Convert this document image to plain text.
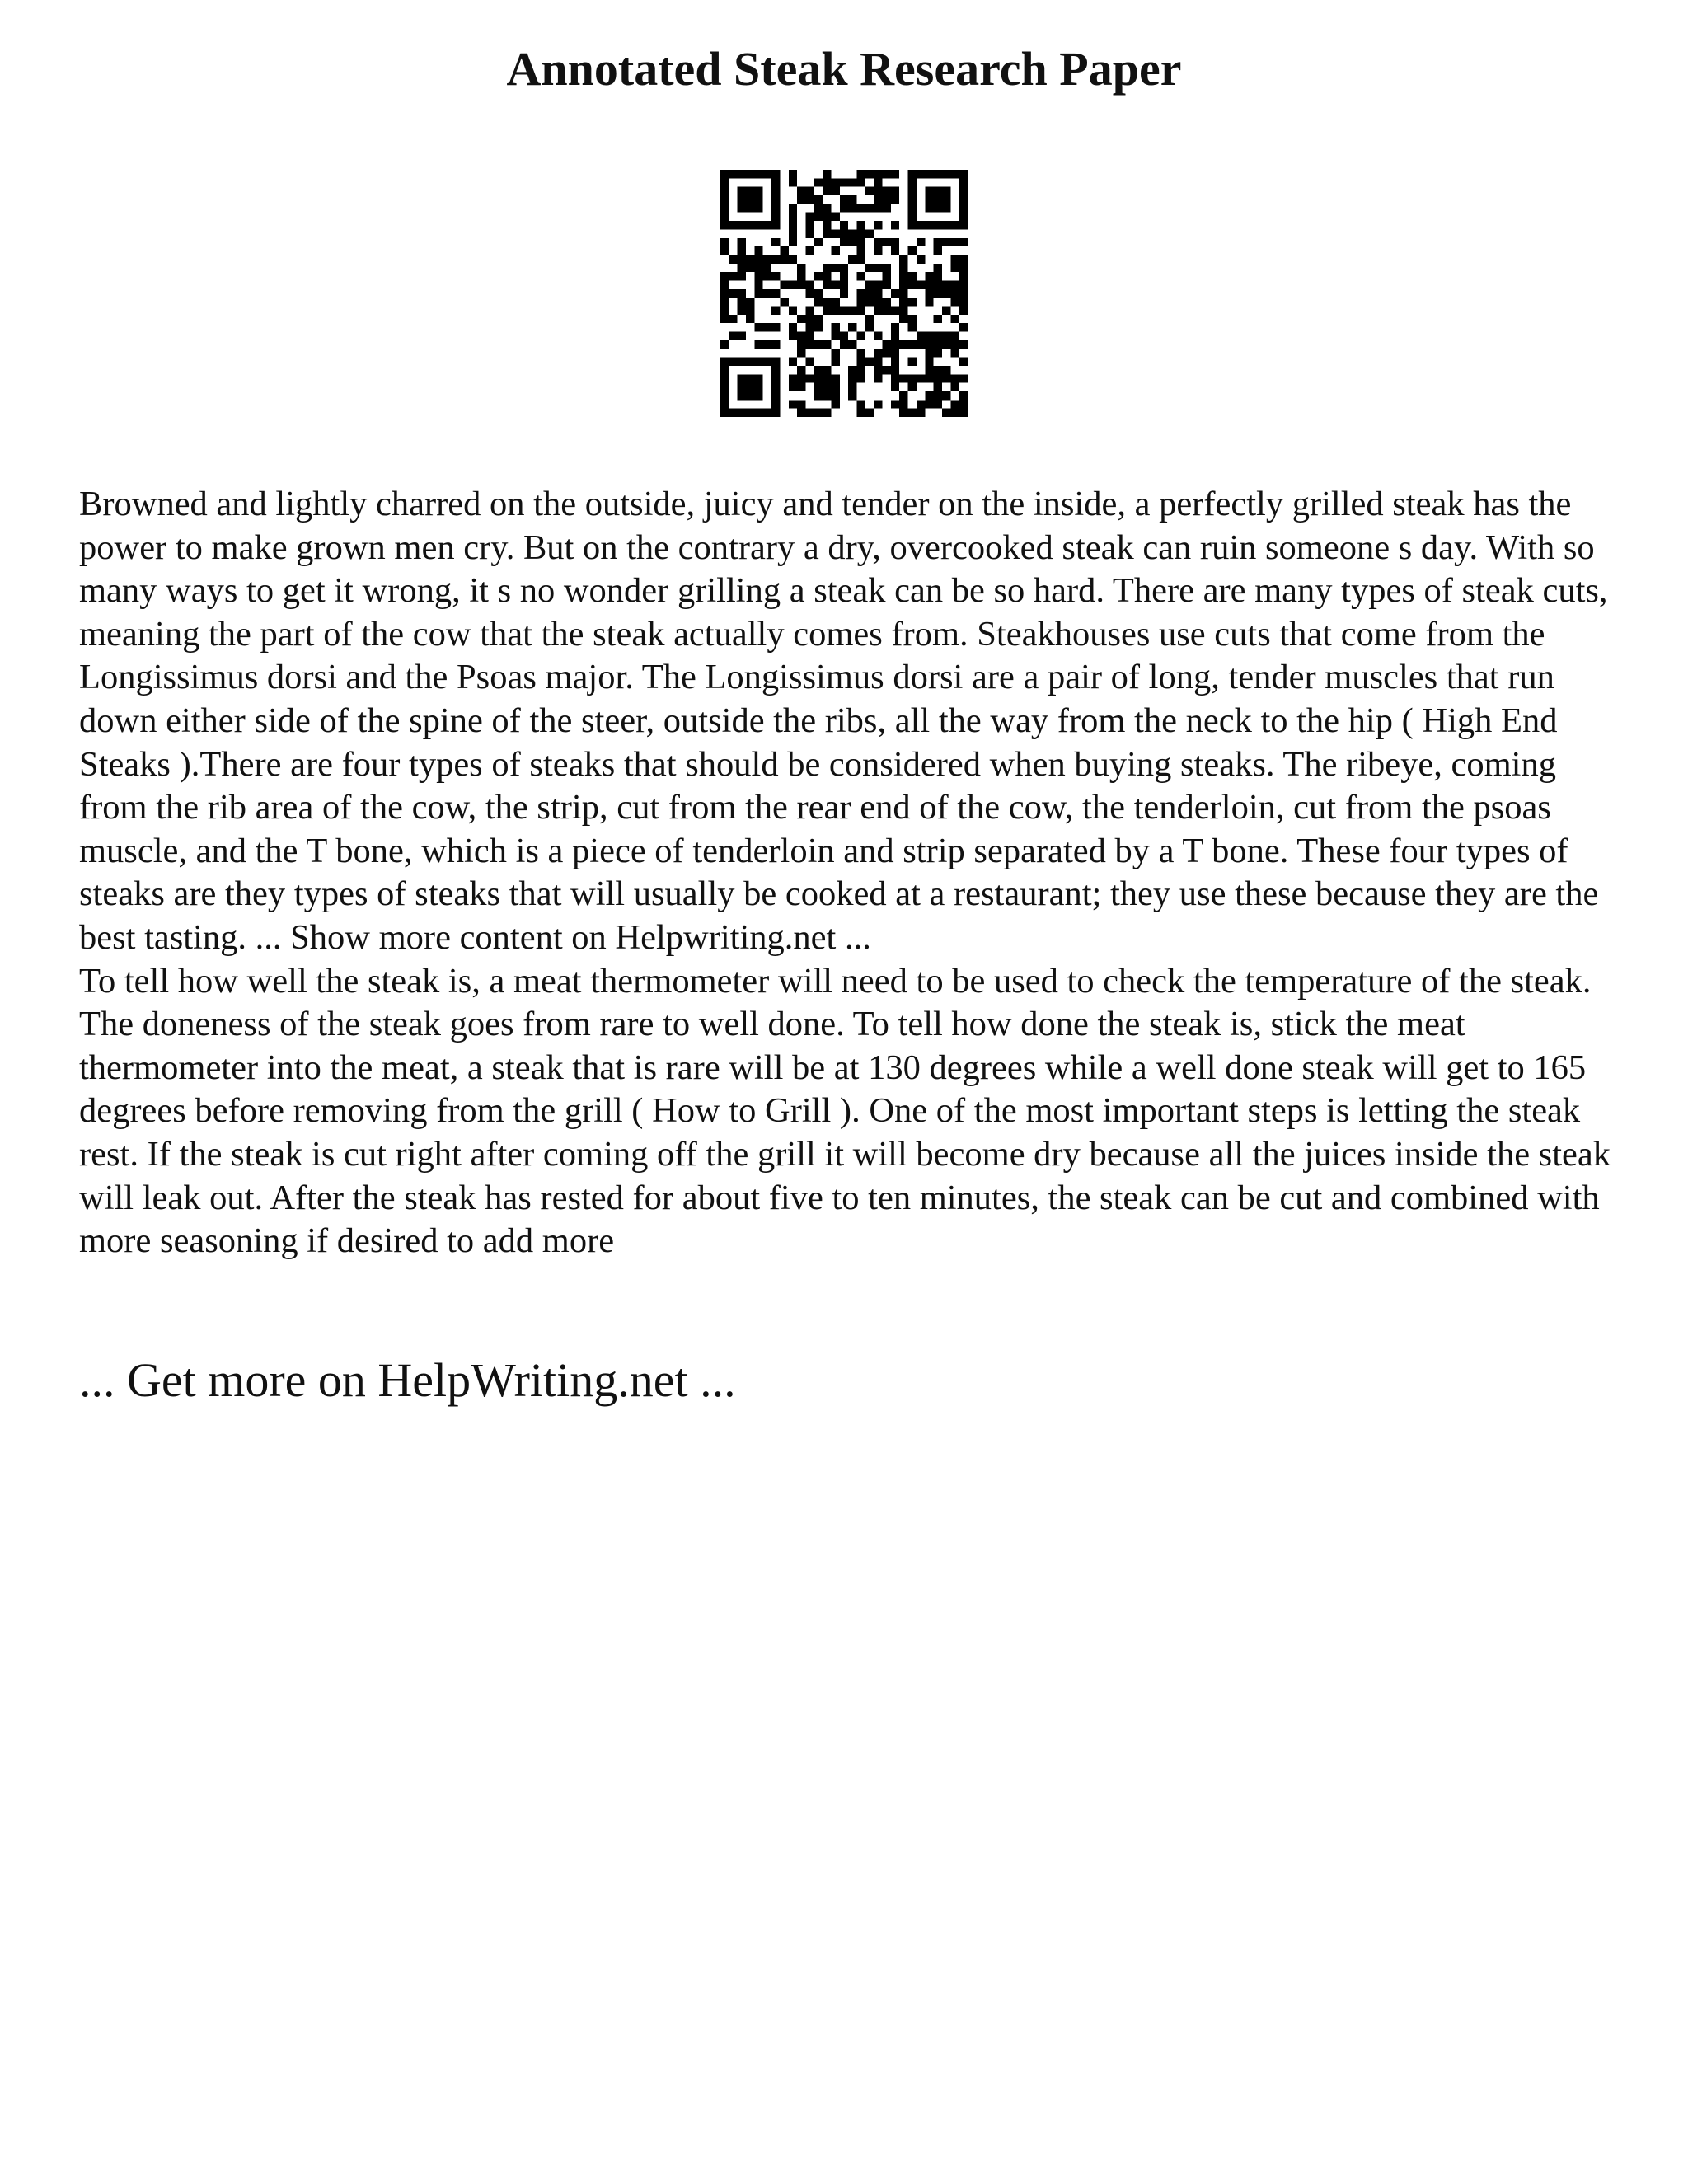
Annotated Steak Research Paper

Browned and lightly charred on the outside, juicy and tender on the inside, a perfectly grilled steak has the power to make grown men cry. But on the contrary a dry, overcooked steak can ruin someone s day. With so many ways to get it wrong, it s no wonder grilling a steak can be so hard. There are many types of steak cuts, meaning the part of the cow that the steak actually comes from. Steakhouses use cuts that come from the Longissimus dorsi and the Psoas major. The Longissimus dorsi are a pair of long, tender muscles that run down either side of the spine of the steer, outside the ribs, all the way from the neck to the hip ( High End Steaks ).There are four types of steaks that should be considered when buying steaks. The ribeye, coming from the rib area of the cow, the strip, cut from the rear end of the cow, the tenderloin, cut from the psoas muscle, and the T bone, which is a piece of tenderloin and strip separated by a T bone. These four types of steaks are they types of steaks that will usually be cooked at a restaurant; they use these because they are the best tasting. ... Show more content on Helpwriting.net ...

To tell how well the steak is, a meat thermometer will need to be used to check the temperature of the steak. The doneness of the steak goes from rare to well done. To tell how done the steak is, stick the meat thermometer into the meat, a steak that is rare will be at 130 degrees while a well done steak will get to 165 degrees before removing from the grill ( How to Grill ). One of the most important steps is letting the steak rest. If the steak is cut right after coming off the grill it will become dry because all the juices inside the steak will leak out. After the steak has rested for about five to ten minutes, the steak can be cut and combined with more seasoning if desired to add more

... Get more on HelpWriting.net ...
